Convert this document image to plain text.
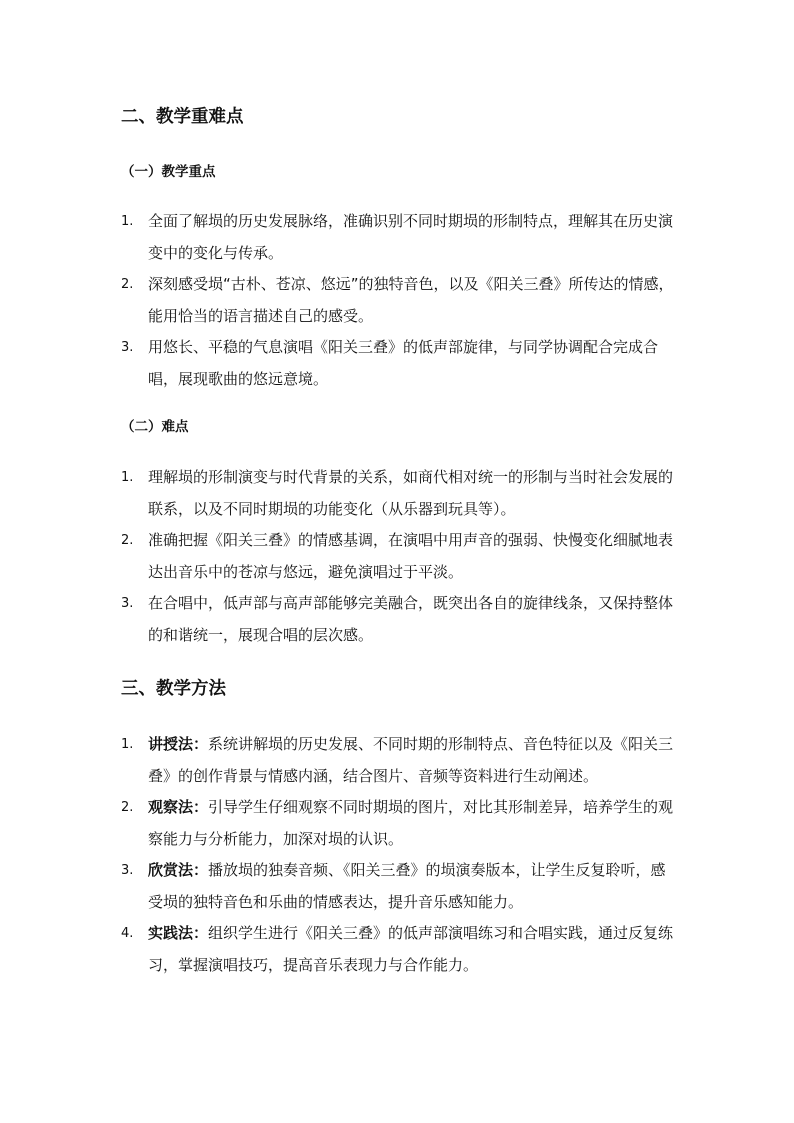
二、教学重难点
（一）教学重点
1. 全面了解埙的历史发展脉络，准确识别不同时期埙的形制特点，理解其在历史演变中的变化与传承。
2. 深刻感受埙“古朴、苍凉、悠远”的独特音色，以及《阳关三叠》所传达的情感，能用恰当的语言描述自己的感受。
3. 用悠长、平稳的气息演唱《阳关三叠》的低声部旋律，与同学协调配合完成合唱，展现歌曲的悠远意境。
（二）难点
1. 理解埙的形制演变与时代背景的关系，如商代相对统一的形制与当时社会发展的联系，以及不同时期埙的功能变化（从乐器到玩具等）。
2. 准确把握《阳关三叠》的情感基调，在演唱中用声音的强弱、快慢变化细腻地表达出音乐中的苍凉与悠远，避免演唱过于平淡。
3. 在合唱中，低声部与高声部能够完美融合，既突出各自的旋律线条，又保持整体的和谐统一，展现合唱的层次感。
三、教学方法
1. 讲授法：系统讲解埙的历史发展、不同时期的形制特点、音色特征以及《阳关三叠》的创作背景与情感内涵，结合图片、音频等资料进行生动阐述。
2. 观察法：引导学生仔细观察不同时期埙的图片，对比其形制差异，培养学生的观察能力与分析能力，加深对埙的认识。
3. 欣赏法：播放埙的独奏音频、《阳关三叠》的埙演奏版本，让学生反复聆听，感受埙的独特音色和乐曲的情感表达，提升音乐感知能力。
4. 实践法：组织学生进行《阳关三叠》的低声部演唱练习和合唱实践，通过反复练习，掌握演唱技巧，提高音乐表现力与合作能力。
